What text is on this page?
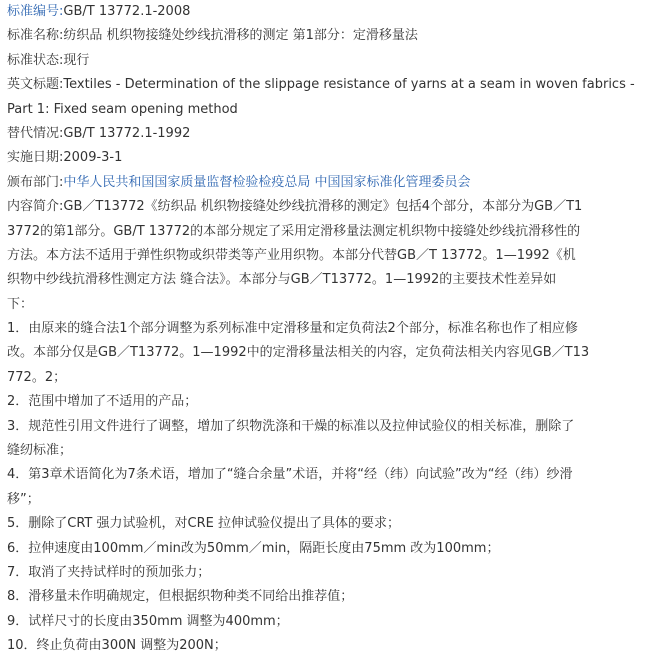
标准编号:GB/T 13772.1-2008
标准名称:纺织品 机织物接缝处纱线抗滑移的测定 第1部分：定滑移量法
标准状态:现行
英文标题:Textiles - Determination of the slippage resistance of yarns at a seam in woven fabrics -
Part 1: Fixed seam opening method
替代情况:GB/T 13772.1-1992
实施日期:2009-3-1
颁布部门:中华人民共和国国家质量监督检验检疫总局 中国国家标准化管理委员会
内容简介:GB／T13772《纺织品 机织物接缝处纱线抗滑移的测定》包括4个部分，本部分为GB／T1
3772的第1部分。GB/T 13772的本部分规定了采用定滑移量法测定机织物中接缝处纱线抗滑移性的
方法。本方法不适用于弹性织物或织带类等产业用织物。本部分代替GB／T 13772。1—1992《机
织物中纱线抗滑移性测定方法 缝合法》。本部分与GB／T13772。1—1992的主要技术性差异如
下：
1．由原来的缝合法1个部分调整为系列标准中定滑移量和定负荷法2个部分，标准名称也作了相应修
改。本部分仅是GB／T13772。1—1992中的定滑移量法相关的内容，定负荷法相关内容见GB／T13
772。2；
2．范围中增加了不适用的产品；
3．规范性引用文件进行了调整，增加了织物洗涤和干燥的标准以及拉伸试验仪的相关标准，删除了
缝纫标准；
4．第3章术语简化为7条术语，增加了“缝合余量”术语，并将“经（纬）向试验”改为“经（纬）纱滑
移”；
5．删除了CRT 强力试验机，对CRE 拉伸试验仪提出了具体的要求；
6．拉伸速度由100mm／min改为50mm／min，隔距长度由75mm 改为100mm；
7．取消了夹持试样时的预加张力；
8．滑移量未作明确规定，但根据织物种类不同给出推荐值；
9．试样尺寸的长度由350mm 调整为400mm；
10．终止负荷由300N 调整为200N；
